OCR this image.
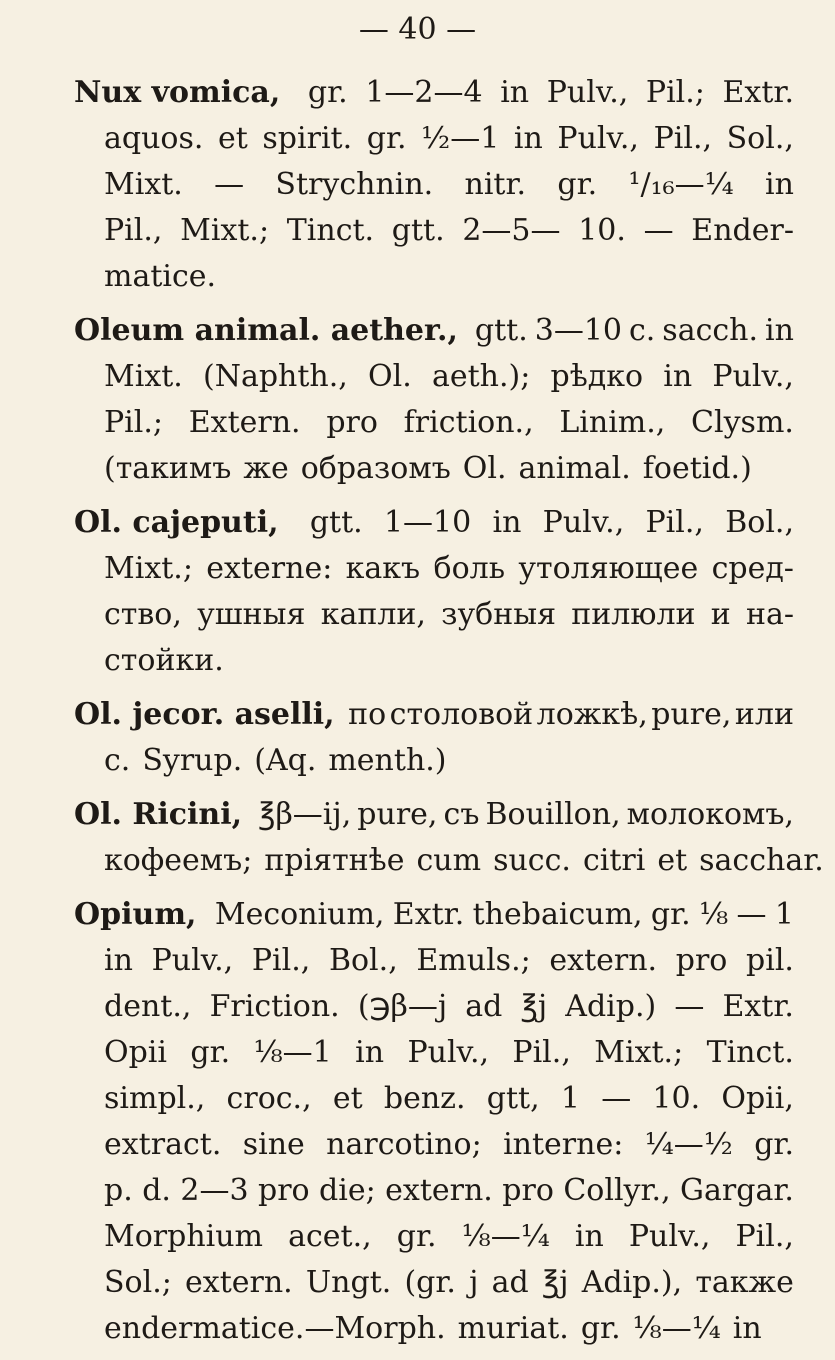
— 40 —
Nux vomica, gr. 1—2—4 in Pulv., Pil.; Extr.
aquos. et spirit. gr. ½—1 in Pulv., Pil., Sol.,
Mixt. — Strychnin. nitr. gr. ¹/₁₆—¼ in
Pil., Mixt.; Tinct. gtt. 2—5— 10. — Ender-
matice.
Oleum animal. aether., gtt. 3—10 c. sacch. in
Mixt. (Naphth., Ol. aeth.); рѣдко in Pulv.,
Pil.; Extern. pro friction., Linim., Clysm.
(такимъ же образомъ Ol. animal. foetid.)
Ol. cajeputi, gtt. 1—10 in Pulv., Pil., Bol.,
Mixt.; externe: какъ боль утоляющее сред-
ство, ушныя капли, зубныя пилюли и на-
стойки.
Ol. jecor. aselli, по столовой ложкѣ, pure, или
c. Syrup. (Aq. menth.)
Ol. Ricini, ℥β—ij, pure, съ Bouillon, молокомъ,
кофеемъ; пріятнѣе cum succ. citri et sacchar.
Opium, Meconium, Extr. thebaicum, gr. ⅛ — 1
in Pulv., Pil., Bol., Emuls.; extern. pro pil.
dent., Friction. (℈β—j ad ℥j Adip.) — Extr.
Opii gr. ⅛—1 in Pulv., Pil., Mixt.; Tinct.
simpl., croc., et benz. gtt, 1 — 10. Opii,
extract. sine narcotino; interne: ¼—½ gr.
p. d. 2—3 pro die; extern. pro Collyr., Gargar.
Morphium acet., gr. ⅛—¼ in Pulv., Pil.,
Sol.; extern. Ungt. (gr. j ad ℥j Adip.), также
endermatice.—Morph. muriat. gr. ⅛—¼ in
